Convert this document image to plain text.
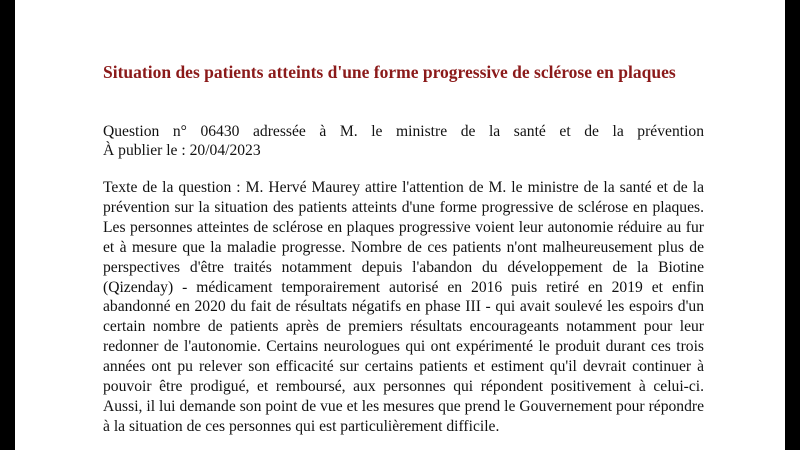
Situation des patients atteints d'une forme progressive de sclérose en plaques
Question n° 06430 adressée à M. le ministre de la santé et de la prévention
À publier le : 20/04/2023

Texte de la question : M. Hervé Maurey attire l'attention de M. le ministre de la santé et de la prévention sur la situation des patients atteints d'une forme progressive de sclérose en plaques. Les personnes atteintes de sclérose en plaques progressive voient leur autonomie réduire au fur et à mesure que la maladie progresse. Nombre de ces patients n'ont malheureusement plus de perspectives d'être traités notamment depuis l'abandon du développement de la Biotine (Qizenday) - médicament temporairement autorisé en 2016 puis retiré en 2019 et enfin abandonné en 2020 du fait de résultats négatifs en phase III - qui avait soulevé les espoirs d'un certain nombre de patients après de premiers résultats encourageants notamment pour leur redonner de l'autonomie. Certains neurologues qui ont expérimenté le produit durant ces trois années ont pu relever son efficacité sur certains patients et estiment qu'il devrait continuer à pouvoir être prodigué, et remboursé, aux personnes qui répondent positivement à celui-ci. Aussi, il lui demande son point de vue et les mesures que prend le Gouvernement pour répondre à la situation de ces personnes qui est particulièrement difficile.
